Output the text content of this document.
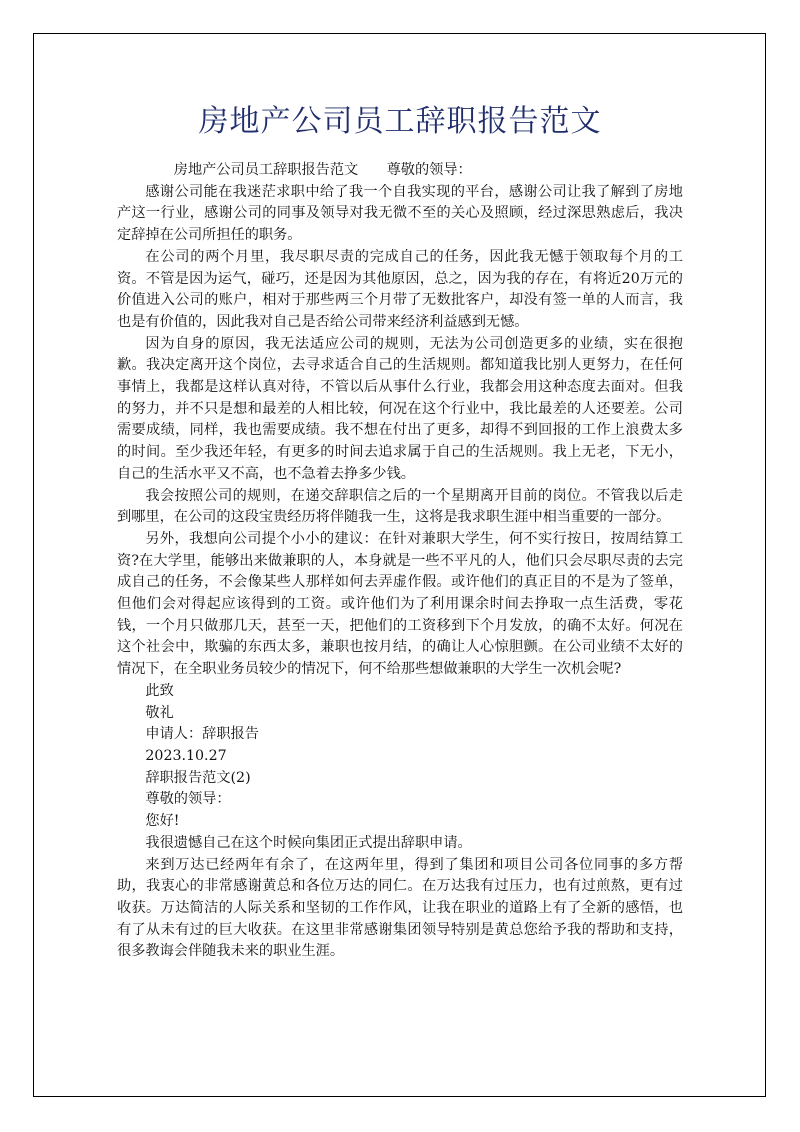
房地产公司员工辞职报告范文

房地产公司员工辞职报告范文　　尊敬的领导：

感谢公司能在我迷茫求职中给了我一个自我实现的平台，感谢公司让我了解到了房地产这一行业，感谢公司的同事及领导对我无微不至的关心及照顾，经过深思熟虑后，我决定辞掉在公司所担任的职务。

在公司的两个月里，我尽职尽责的完成自己的任务，因此我无憾于领取每个月的工资。不管是因为运气，碰巧，还是因为其他原因，总之，因为我的存在，有将近20万元的价值进入公司的账户，相对于那些两三个月带了无数批客户，却没有签一单的人而言，我也是有价值的，因此我对自己是否给公司带来经济利益感到无憾。

因为自身的原因，我无法适应公司的规则，无法为公司创造更多的业绩，实在很抱歉。我决定离开这个岗位，去寻求适合自己的生活规则。都知道我比别人更努力，在任何事情上，我都是这样认真对待，不管以后从事什么行业，我都会用这种态度去面对。但我的努力，并不只是想和最差的人相比较，何况在这个行业中，我比最差的人还要差。公司需要成绩，同样，我也需要成绩。我不想在付出了更多，却得不到回报的工作上浪费太多的时间。至少我还年轻，有更多的时间去追求属于自己的生活规则。我上无老，下无小，自己的生活水平又不高，也不急着去挣多少钱。

我会按照公司的规则，在递交辞职信之后的一个星期离开目前的岗位。不管我以后走到哪里，在公司的这段宝贵经历将伴随我一生，这将是我求职生涯中相当重要的一部分。

另外，我想向公司提个小小的建议：在针对兼职大学生，何不实行按日，按周结算工资?在大学里，能够出来做兼职的人，本身就是一些不平凡的人，他们只会尽职尽责的去完成自己的任务，不会像某些人那样如何去弄虚作假。或许他们的真正目的不是为了签单，但他们会对得起应该得到的工资。或许他们为了利用课余时间去挣取一点生活费，零花钱，一个月只做那几天，甚至一天，把他们的工资移到下个月发放，的确不太好。何况在这个社会中，欺骗的东西太多，兼职也按月结，的确让人心惊胆颤。在公司业绩不太好的情况下，在全职业务员较少的情况下，何不给那些想做兼职的大学生一次机会呢?

此致

敬礼

申请人：辞职报告

2023.10.27

辞职报告范文(2)

尊敬的领导：

您好!

我很遗憾自己在这个时候向集团正式提出辞职申请。

来到万达已经两年有余了，在这两年里，得到了集团和项目公司各位同事的多方帮助，我衷心的非常感谢黄总和各位万达的同仁。在万达我有过压力，也有过煎熬，更有过收获。万达简洁的人际关系和坚韧的工作作风，让我在职业的道路上有了全新的感悟，也有了从未有过的巨大收获。在这里非常感谢集团领导特别是黄总您给予我的帮助和支持，很多教诲会伴随我未来的职业生涯。
